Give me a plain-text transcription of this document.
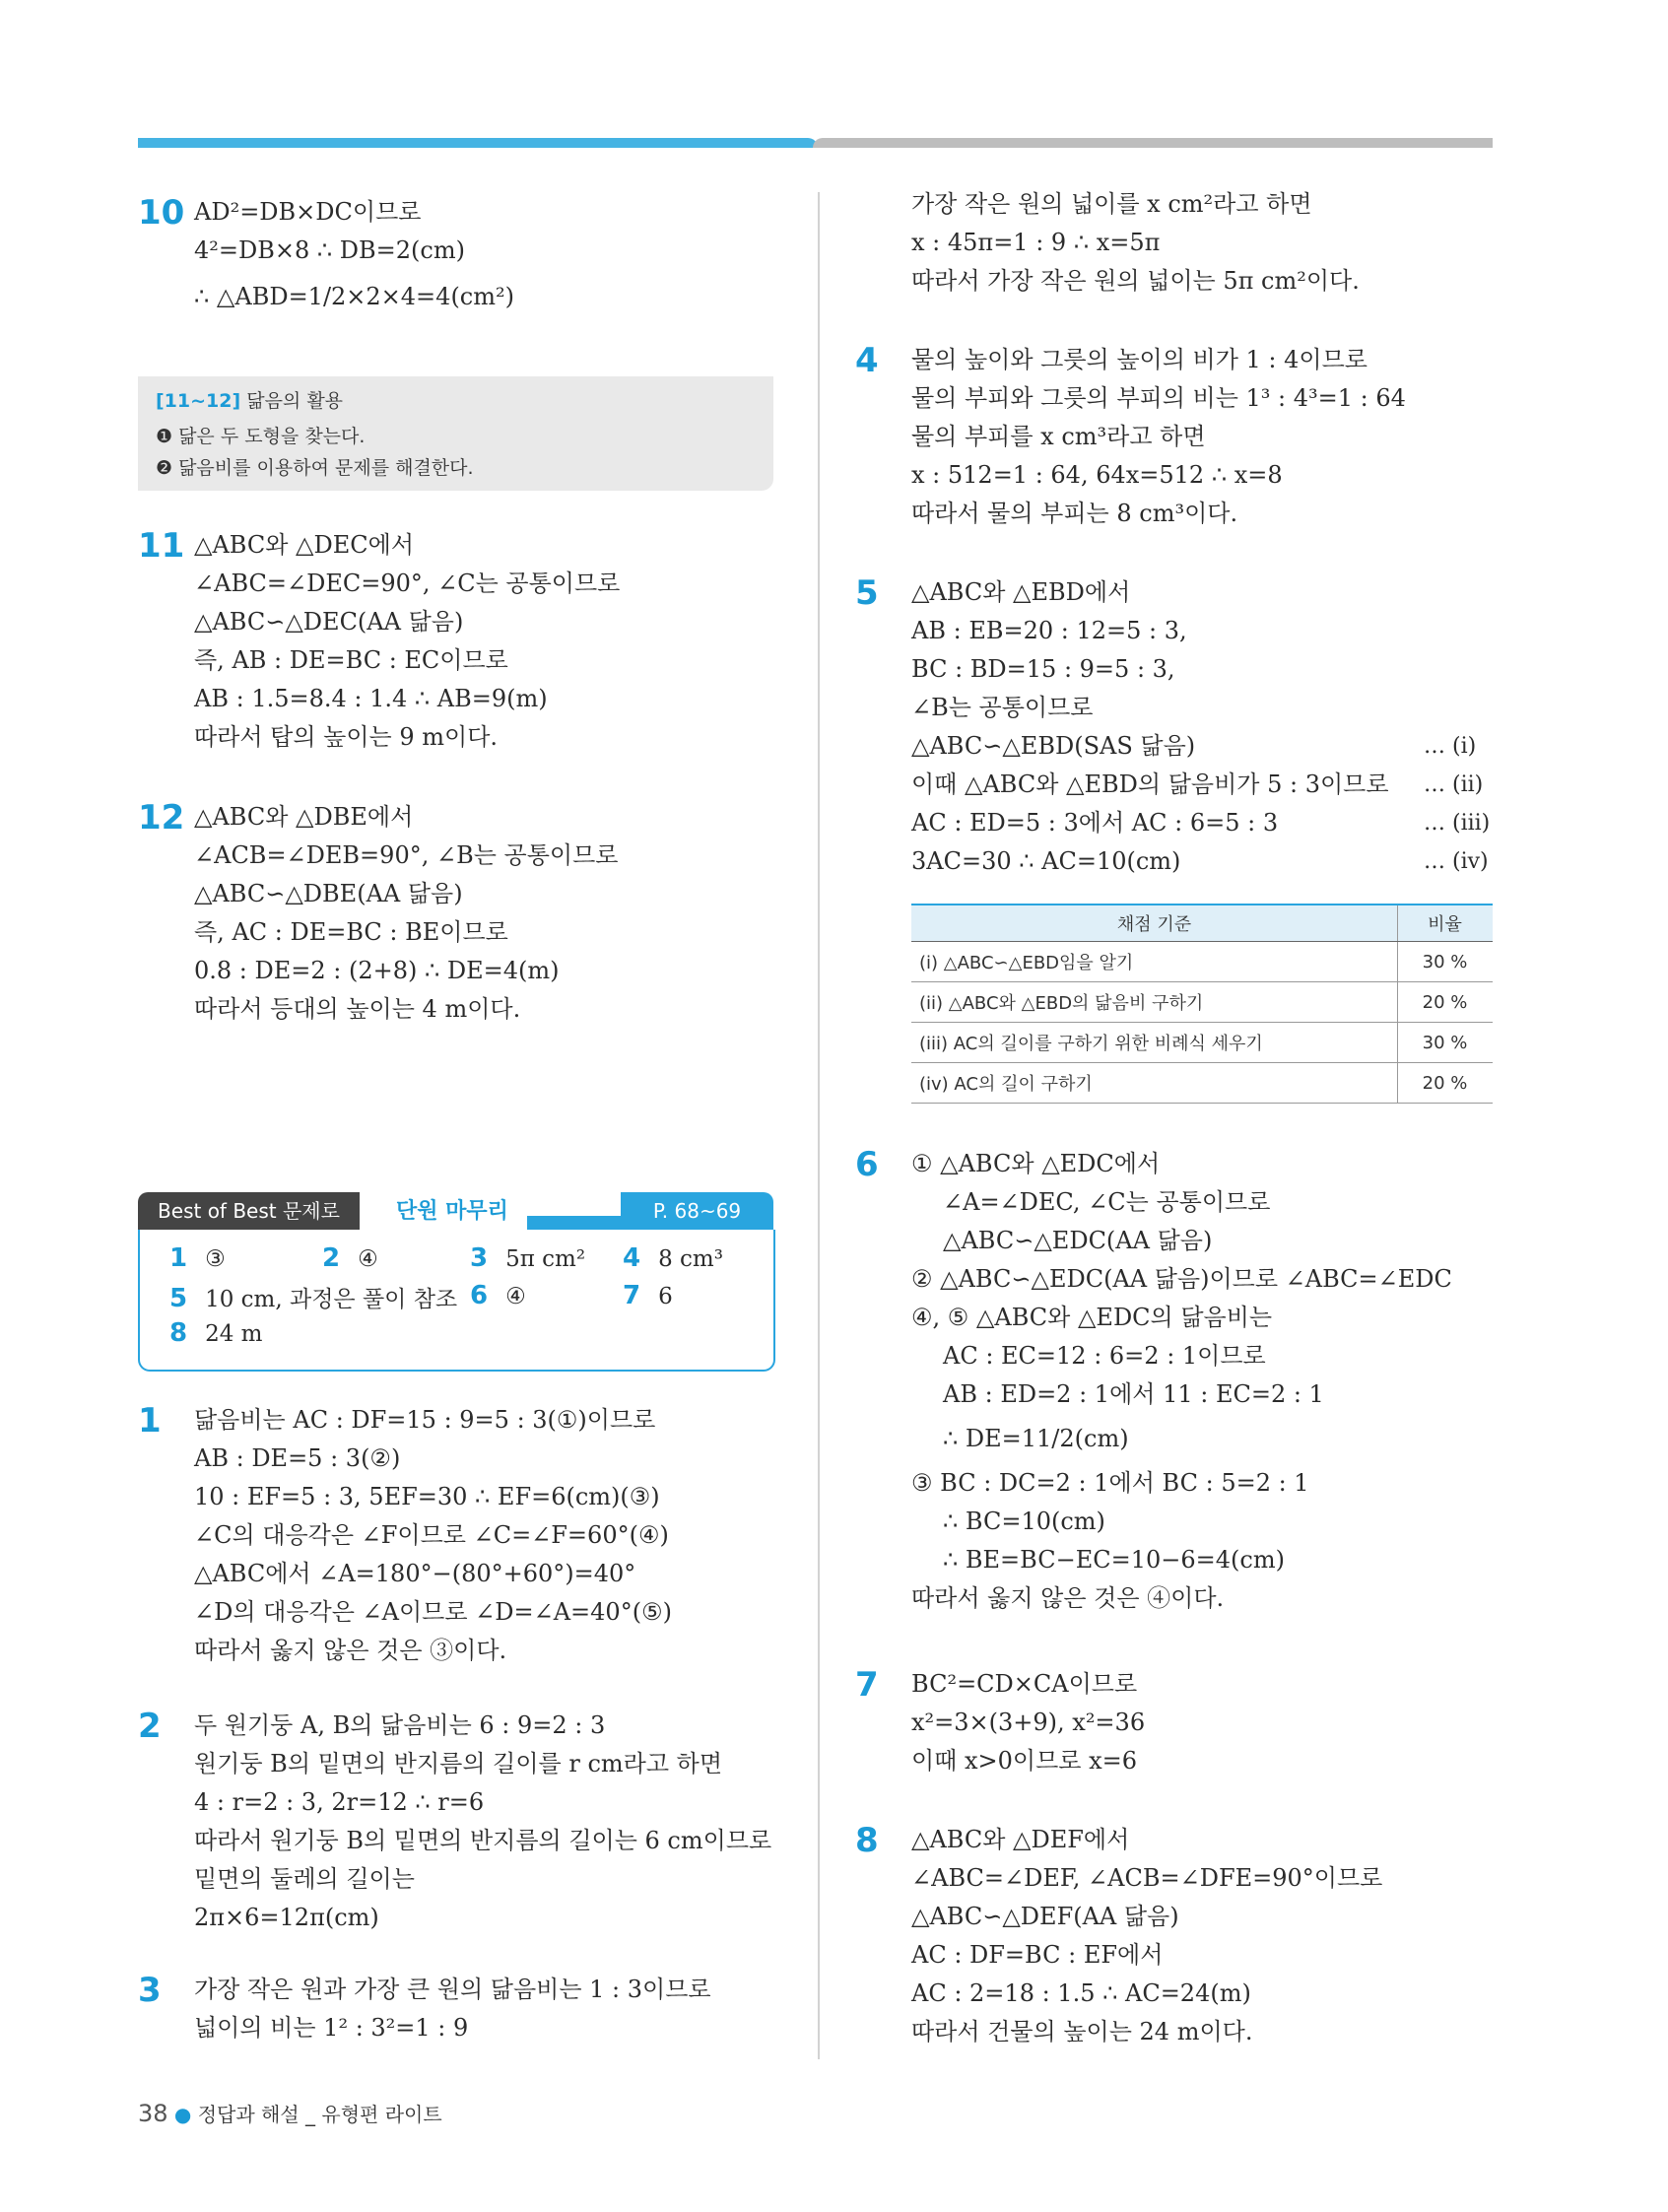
10 AD²=DB×DC이므로
4²=DB×8 ∴ DB=2(cm)
∴ △ABD=1/2×2×4=4(cm²)
[11~12] 닮음의 활용
❶ 닮은 두 도형을 찾는다.
❷ 닮음비를 이용하여 문제를 해결한다.
11 △ABC와 △DEC에서
∠ABC=∠DEC=90°, ∠C는 공통이므로
△ABC∽△DEC(AA 닮음)
즉, AB : DE=BC : EC이므로
AB : 1.5=8.4 : 1.4 ∴ AB=9(m)
따라서 탑의 높이는 9 m이다.
12 △ABC와 △DBE에서
∠ACB=∠DEB=90°, ∠B는 공통이므로
△ABC∽△DBE(AA 닮음)
즉, AC : DE=BC : BE이므로
0.8 : DE=2 : (2+8) ∴ DE=4(m)
따라서 등대의 높이는 4 m이다.
Best of Best 문제로	단원 마무리	P. 68~69
1 ③	2 ④	3 5π cm² 4 8 cm³
5 10 cm, 과정은 풀이 참조 6 ④	7 6
8 24 m
1 닮음비는 AC : DF=15 : 9=5 : 3(①)이므로
AB : DE=5 : 3(②)
10 : EF=5 : 3, 5EF=30 ∴ EF=6(cm)(③)
∠C의 대응각은 ∠F이므로 ∠C=∠F=60°(④)
△ABC에서 ∠A=180°−(80°+60°)=40°
∠D의 대응각은 ∠A이므로 ∠D=∠A=40°(⑤)
따라서 옳지 않은 것은 ③이다.
2 두 원기둥 A, B의 닮음비는 6 : 9=2 : 3
원기둥 B의 밑면의 반지름의 길이를 r cm라고 하면
4 : r=2 : 3, 2r=12 ∴ r=6
따라서 원기둥 B의 밑면의 반지름의 길이는 6 cm이므로
밑면의 둘레의 길이는
2π×6=12π(cm)
3 가장 작은 원과 가장 큰 원의 닮음비는 1 : 3이므로
넓이의 비는 1² : 3²=1 : 9
38 ● 정답과 해설 _ 유형편 라이트
가장 작은 원의 넓이를 x cm²라고 하면
x : 45π=1 : 9 ∴ x=5π
따라서 가장 작은 원의 넓이는 5π cm²이다.
4 물의 높이와 그릇의 높이의 비가 1 : 4이므로
물의 부피와 그릇의 부피의 비는 1³ : 4³=1 : 64
물의 부피를 x cm³라고 하면
x : 512=1 : 64, 64x=512 ∴ x=8
따라서 물의 부피는 8 cm³이다.
5 △ABC와 △EBD에서
AB : EB=20 : 12=5 : 3,
BC : BD=15 : 9=5 : 3,
∠B는 공통이므로
△ABC∽△EBD(SAS 닮음)
이때 △ABC와 △EBD의 닮음비가 5 : 3이므로
AC : ED=5 : 3에서 AC : 6=5 : 3
3AC=30 ∴ AC=10(cm)
… (i)
… (ii)
… (iii)
… (iv)
채점 기준	비율
(i) △ABC∽△EBD임을 알기	30 %
(ii) △ABC와 △EBD의 닮음비 구하기	20 %
(iii) AC의 길이를 구하기 위한 비례식 세우기	30 %
(iv) AC의 길이 구하기	20 %
6 ① △ABC와 △EDC에서
∠A=∠DEC, ∠C는 공통이므로
△ABC∽△EDC(AA 닮음)
② △ABC∽△EDC(AA 닮음)이므로 ∠ABC=∠EDC
④, ⑤ △ABC와 △EDC의 닮음비는
AC : EC=12 : 6=2 : 1이므로
AB : ED=2 : 1에서 11 : EC=2 : 1
∴ DE=11/2(cm)
③ BC : DC=2 : 1에서 BC : 5=2 : 1
∴ BC=10(cm)
∴ BE=BC−EC=10−6=4(cm)
따라서 옳지 않은 것은 ④이다.
7 BC²=CD×CA이므로
x²=3×(3+9), x²=36
이때 x>0이므로 x=6
8 △ABC와 △DEF에서
∠ABC=∠DEF, ∠ACB=∠DFE=90°이므로
△ABC∽△DEF(AA 닮음)
AC : DF=BC : EF에서
AC : 2=18 : 1.5 ∴ AC=24(m)
따라서 건물의 높이는 24 m이다.
